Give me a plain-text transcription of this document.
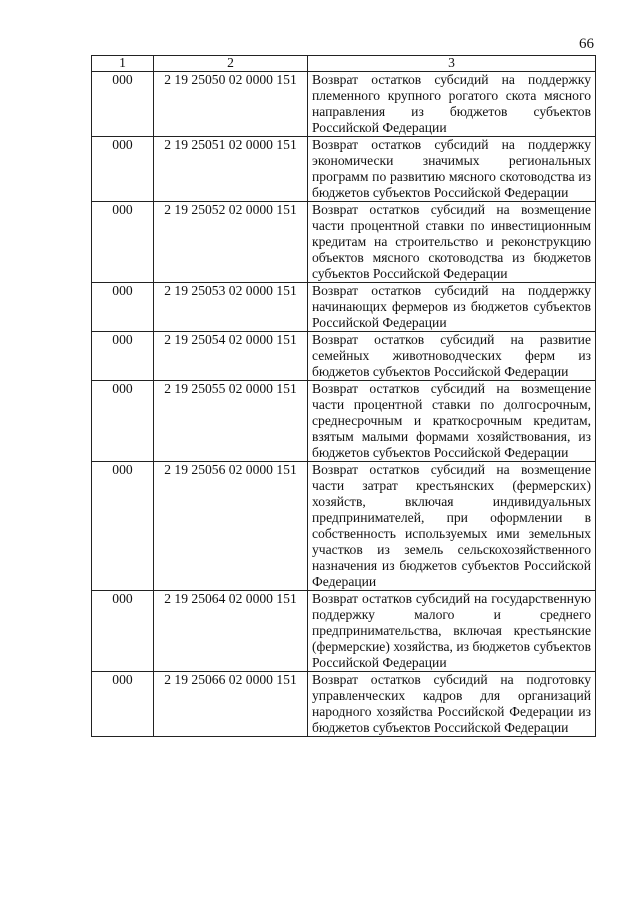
66
1	2	3
000	2 19 25050 02 0000 151	Возврат остатков субсидий на поддержку племенного крупного рогатого скота мясного направления из бюджетов субъектов Российской Федерации
000	2 19 25051 02 0000 151	Возврат остатков субсидий на поддержку экономически значимых региональных программ по развитию мясного скотоводства из бюджетов субъектов Российской Федерации
000	2 19 25052 02 0000 151	Возврат остатков субсидий на возмещение части процентной ставки по инвестиционным кредитам на строительство и реконструкцию объектов мясного скотоводства из бюджетов субъектов Российской Федерации
000	2 19 25053 02 0000 151	Возврат остатков субсидий на поддержку начинающих фермеров из бюджетов субъектов Российской Федерации
000	2 19 25054 02 0000 151	Возврат остатков субсидий на развитие семейных животноводческих ферм из бюджетов субъектов Российской Федерации
000	2 19 25055 02 0000 151	Возврат остатков субсидий на возмещение части процентной ставки по долгосрочным, среднесрочным и краткосрочным кредитам, взятым малыми формами хозяйствования, из бюджетов субъектов Российской Федерации
000	2 19 25056 02 0000 151	Возврат остатков субсидий на возмещение части затрат крестьянских (фермерских) хозяйств, включая индивидуальных предпринимателей, при оформлении в собственность используемых ими земельных участков из земель сельскохозяйственного назначения из бюджетов субъектов Российской Федерации
000	2 19 25064 02 0000 151	Возврат остатков субсидий на государственную поддержку малого и среднего предпринимательства, включая крестьянские (фермерские) хозяйства, из бюджетов субъектов Российской Федерации
000	2 19 25066 02 0000 151	Возврат остатков субсидий на подготовку управленческих кадров для организаций народного хозяйства Российской Федерации из бюджетов субъектов Российской Федерации
